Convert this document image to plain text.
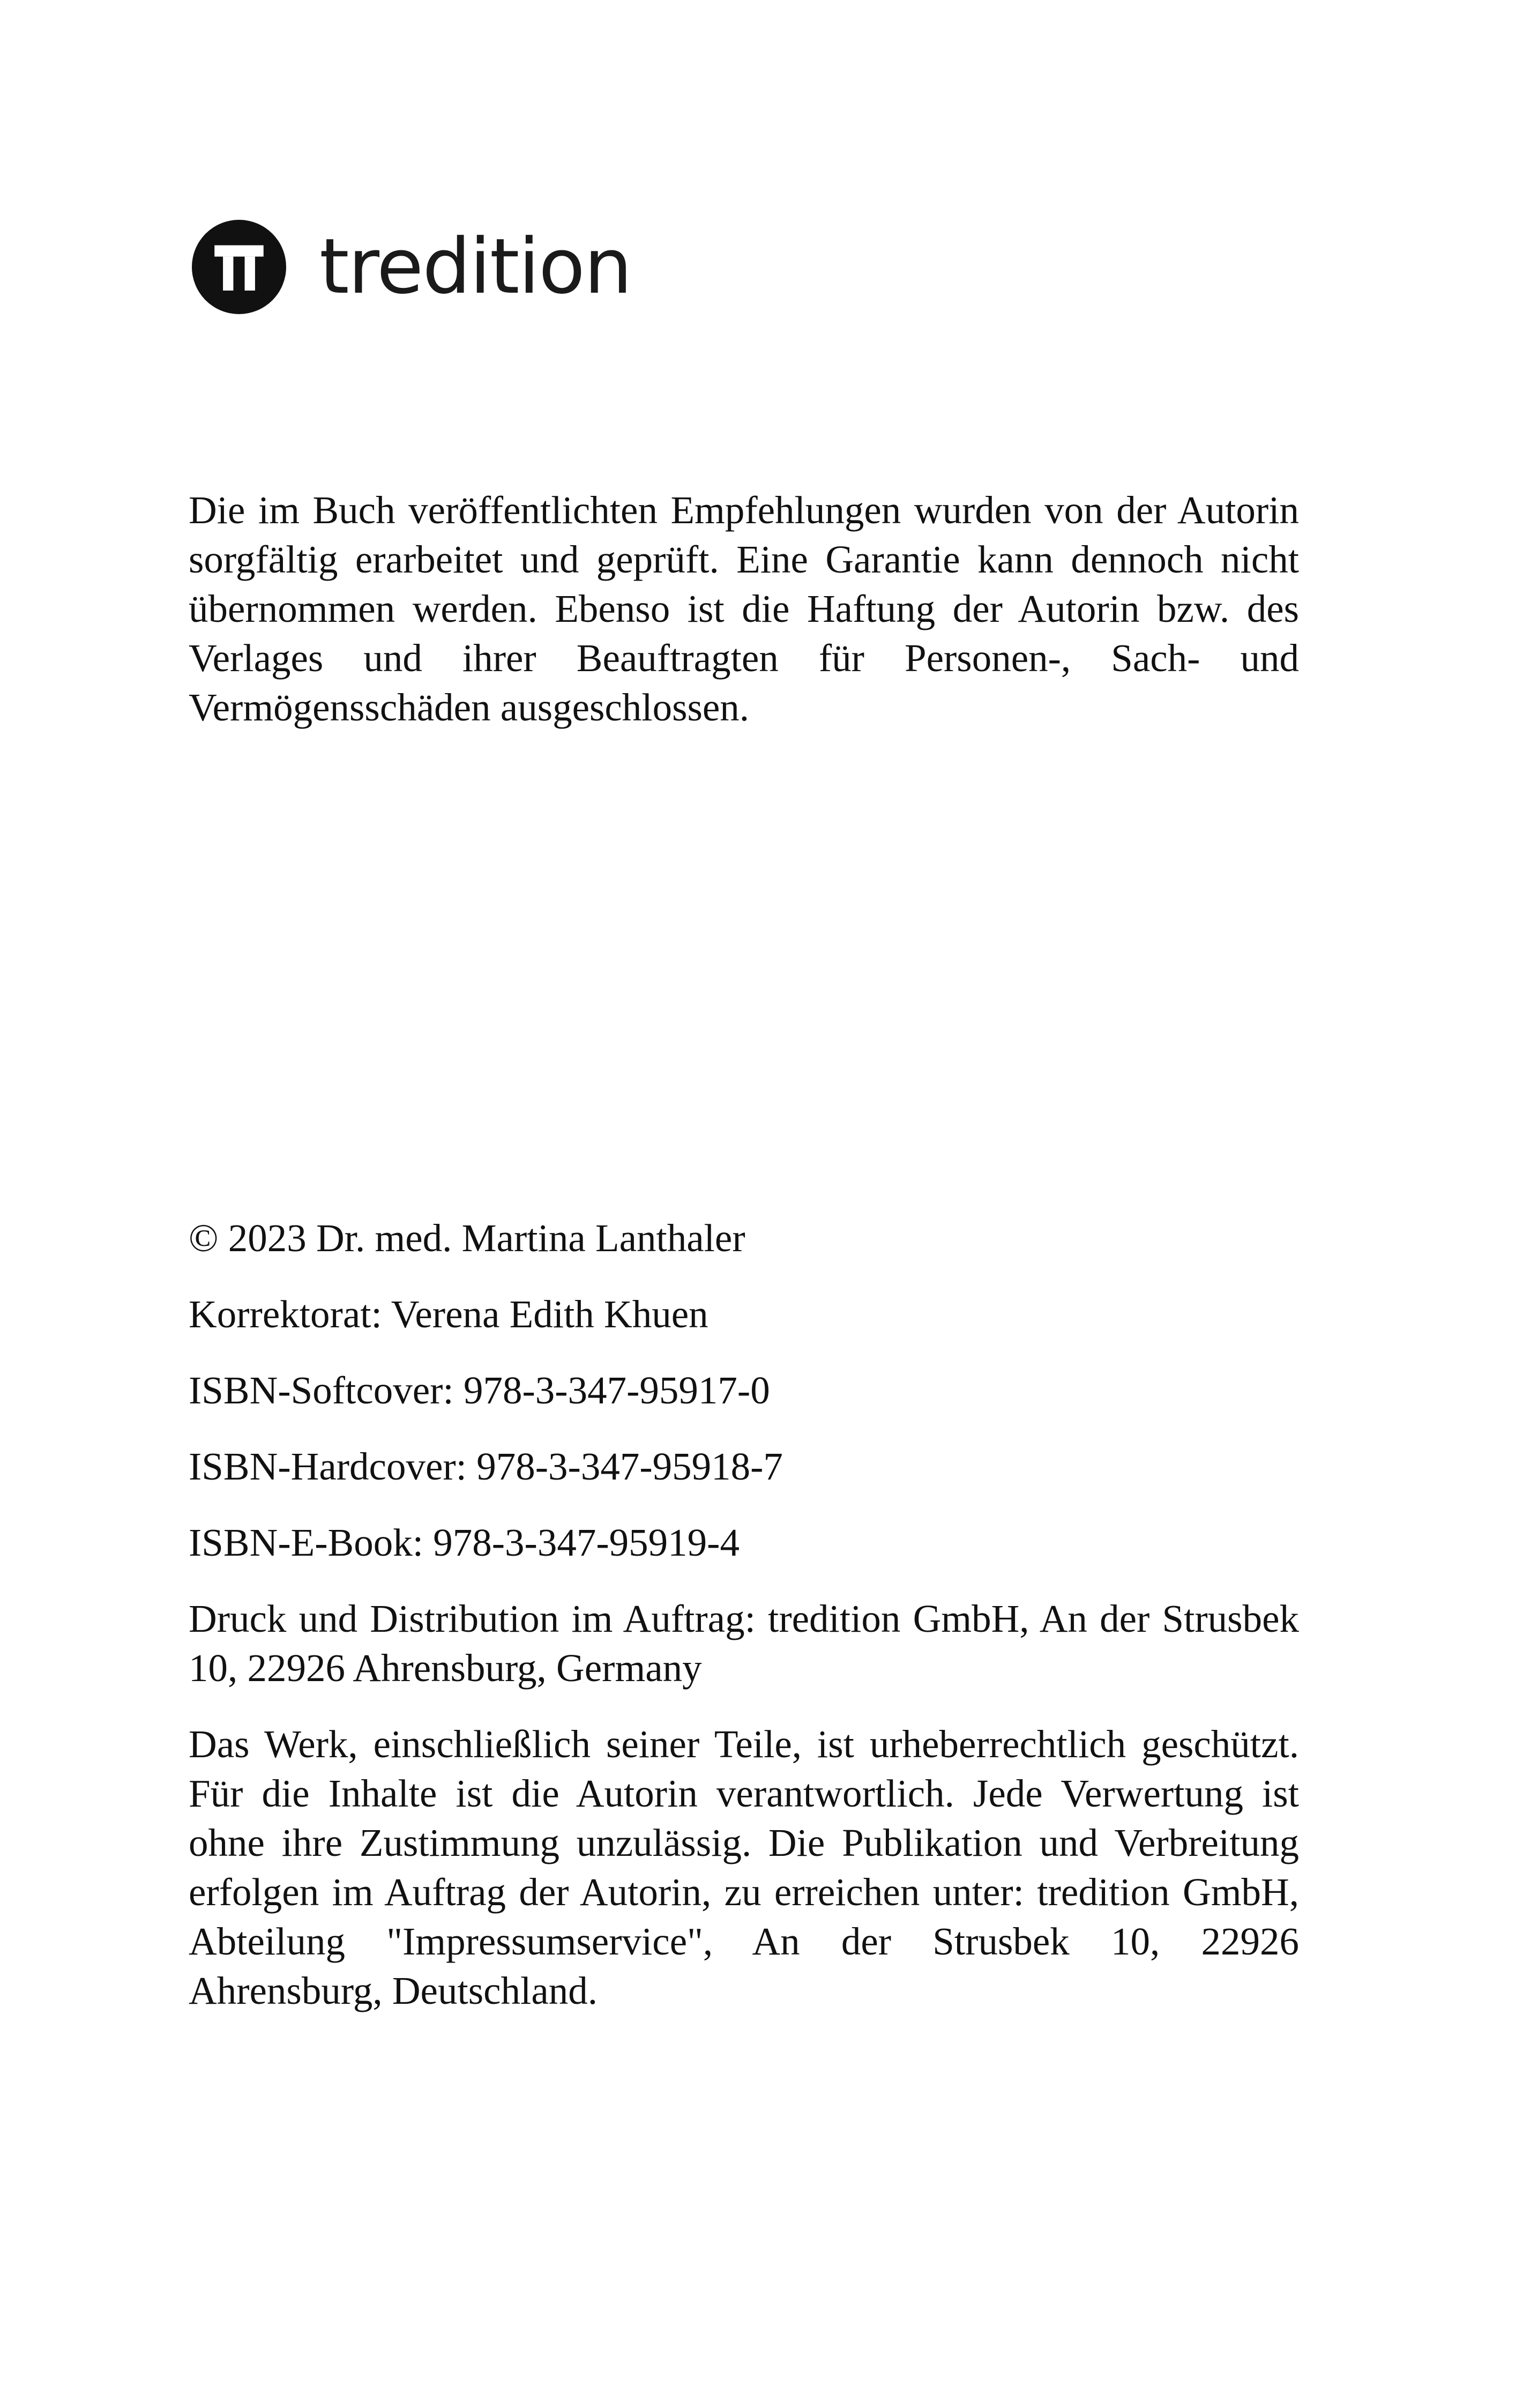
tredition

Die im Buch veröffentlichten Empfehlungen wurden von der Autorin sorgfältig erarbeitet und geprüft. Eine Garantie kann dennoch nicht übernommen werden. Ebenso ist die Haftung der Autorin bzw. des Verlages und ihrer Beauftragten für Personen-, Sach- und Vermögensschäden ausgeschlossen.

© 2023 Dr. med. Martina Lanthaler

Korrektorat: Verena Edith Khuen

ISBN-Softcover: 978-3-347-95917-0

ISBN-Hardcover: 978-3-347-95918-7

ISBN-E-Book: 978-3-347-95919-4

Druck und Distribution im Auftrag: tredition GmbH, An der Strusbek 10, 22926 Ahrensburg, Germany

Das Werk, einschließlich seiner Teile, ist urheberrechtlich geschützt. Für die Inhalte ist die Autorin verantwortlich. Jede Verwertung ist ohne ihre Zustimmung unzulässig. Die Publikation und Verbreitung erfolgen im Auftrag der Autorin, zu erreichen unter: tredition GmbH, Abteilung "Impressumservice", An der Strusbek 10, 22926 Ahrensburg, Deutschland.
